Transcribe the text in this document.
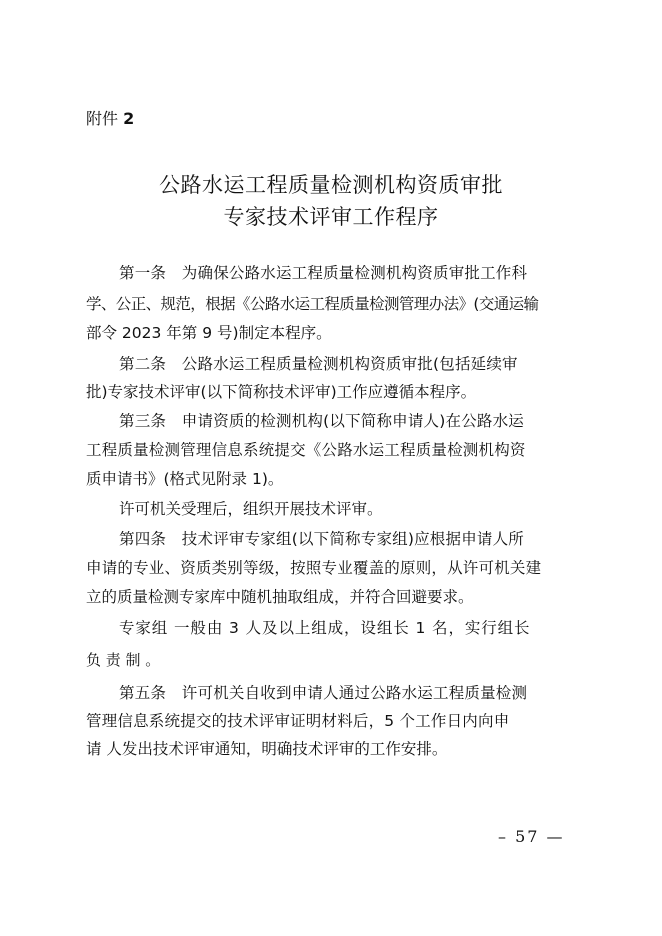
附件 2
公路水运工程质量检测机构资质审批
专家技术评审工作程序
第一条　为确保公路水运工程质量检测机构资质审批工作科
学、公正、规范，根据《公路水运工程质量检测管理办法》(交通运输
部令 2023 年第 9 号)制定本程序。
第二条　公路水运工程质量检测机构资质审批(包括延续审
批)专家技术评审(以下简称技术评审)工作应遵循本程序。
第三条　申请资质的检测机构(以下简称申请人)在公路水运
工程质量检测管理信息系统提交《公路水运工程质量检测机构资
质申请书》(格式见附录 1)。
许可机关受理后，组织开展技术评审。
第四条　技术评审专家组(以下简称专家组)应根据申请人所
申请的专业、资质类别等级，按照专业覆盖的原则，从许可机关建
立的质量检测专家库中随机抽取组成，并符合回避要求。
专家组 一般由 3 人及以上组成，设组长 1 名，实行组长
负 责 制 。
第五条　许可机关自收到申请人通过公路水运工程质量检测
管理信息系统提交的技术评审证明材料后，5 个工作日内向申
请 人发出技术评审通知，明确技术评审的工作安排。
– 57 —
